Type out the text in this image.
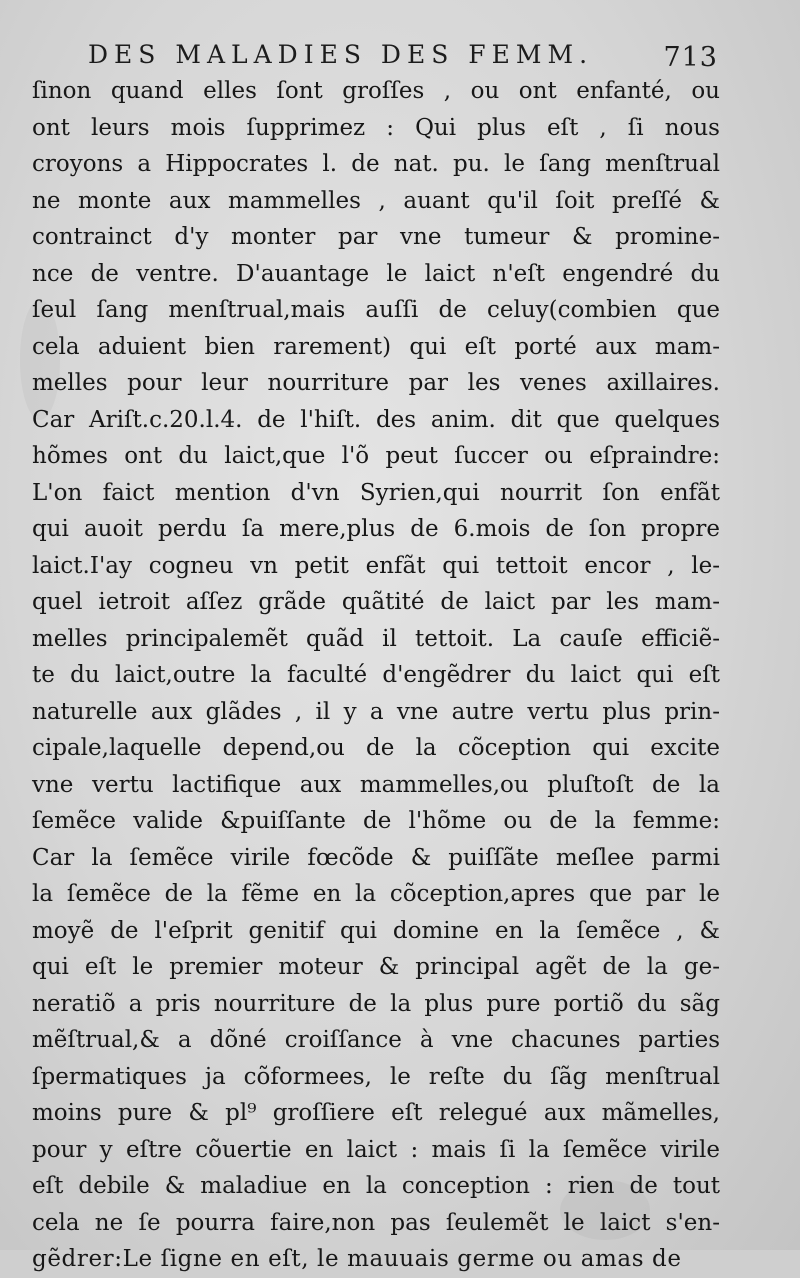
DES MALADIES DES FEMM.	713
ſinon quand elles ſont groſſes , ou ont enfanté, ou
ont leurs mois ſupprimez : Qui plus eſt , ſi nous
croyons a Hippocrates l. de nat. pu. le ſang menſtrual
ne monte aux mammelles , auant qu'il ſoit preſſé &
contrainct d'y monter par vne tumeur & promine-
nce de ventre. D'auantage le laict n'eſt engendré du
ſeul ſang menſtrual,mais auſſi de celuy(combien que
cela aduient bien rarement) qui eſt porté aux mam-
melles pour leur nourriture par les venes axillaires.
Car Ariſt.c.20.l.4. de l'hiſt. des anim. dit que quelques
hõmes ont du laict,que l'õ peut ſuccer ou eſpraindre:
L'on faict mention d'vn Syrien,qui nourrit ſon enfãt
qui auoit perdu ſa mere,plus de 6.mois de ſon propre
laict.I'ay cogneu vn petit enfãt qui tettoit encor , le-
quel ietroit aſſez grãde quãtité de laict par les mam-
melles principalemẽt quãd il tettoit. La cauſe efficiẽ-
te du laict,outre la faculté d'engẽdrer du laict qui eſt
naturelle aux glãdes , il y a vne autre vertu plus prin-
cipale,laquelle depend,ou de la cõception qui excite
vne vertu lactifique aux mammelles,ou pluſtoſt de la
ſemẽce valide &puiſſante de l'hõme ou de la femme:
Car la ſemẽce virile fœcõde & puiſſãte meſlee parmi
la ſemẽce de la fẽme en la cõception,apres que par le
moyẽ de l'eſprit genitif qui domine en la ſemẽce , &
qui eſt le premier moteur & principal agẽt de la ge-
neratiõ a pris nourriture de la plus pure portiõ du sãg
mẽſtrual,& a dõné croiſſance à vne chacunes parties
ſpermatiques ja cõformees, le reſte du ſãg menſtrual
moins pure & pl⁹ groſſiere eſt relegué aux mãmelles,
pour y eſtre cõuertie en laict : mais ſi la ſemẽce virile
eſt debile & maladiue en la conception : rien de tout
cela ne ſe pourra faire,non pas ſeulemẽt le laict s'en-
gẽdrer:Le ſigne en eſt, le mauuais germe ou amas de
